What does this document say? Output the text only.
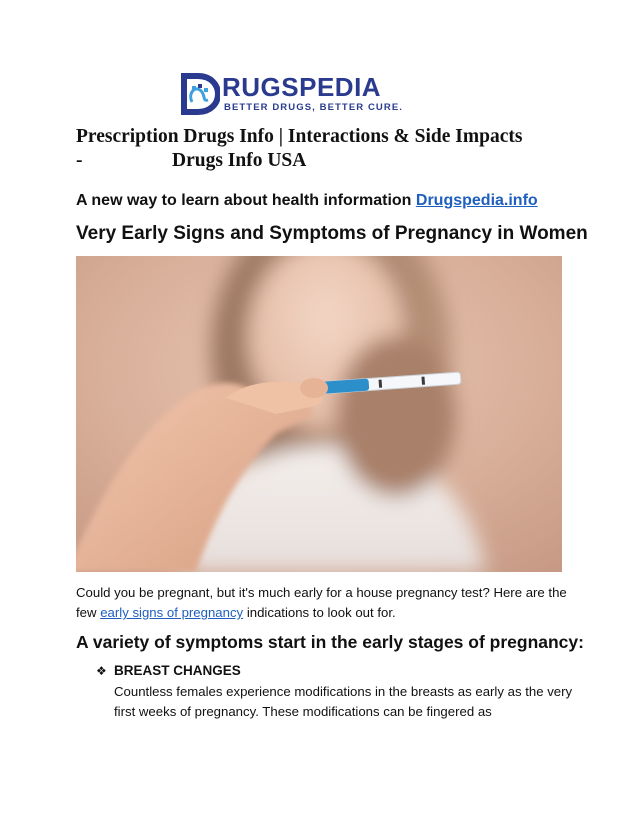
RUGSPEDIA
BETTER DRUGS, BETTER CURE.
Prescription Drugs Info | Interactions & Side Impacts
-	Drugs Info USA
A new way to learn about health information Drugspedia.info
Very Early Signs and Symptoms of Pregnancy in Women
Could you be pregnant, but it's much early for a house pregnancy test? Here are the few early signs of pregnancy indications to look out for.
A variety of symptoms start in the early stages of pregnancy:
❖ BREAST CHANGES
Countless females experience modifications in the breasts as early as the very first weeks of pregnancy. These modifications can be fingered as
